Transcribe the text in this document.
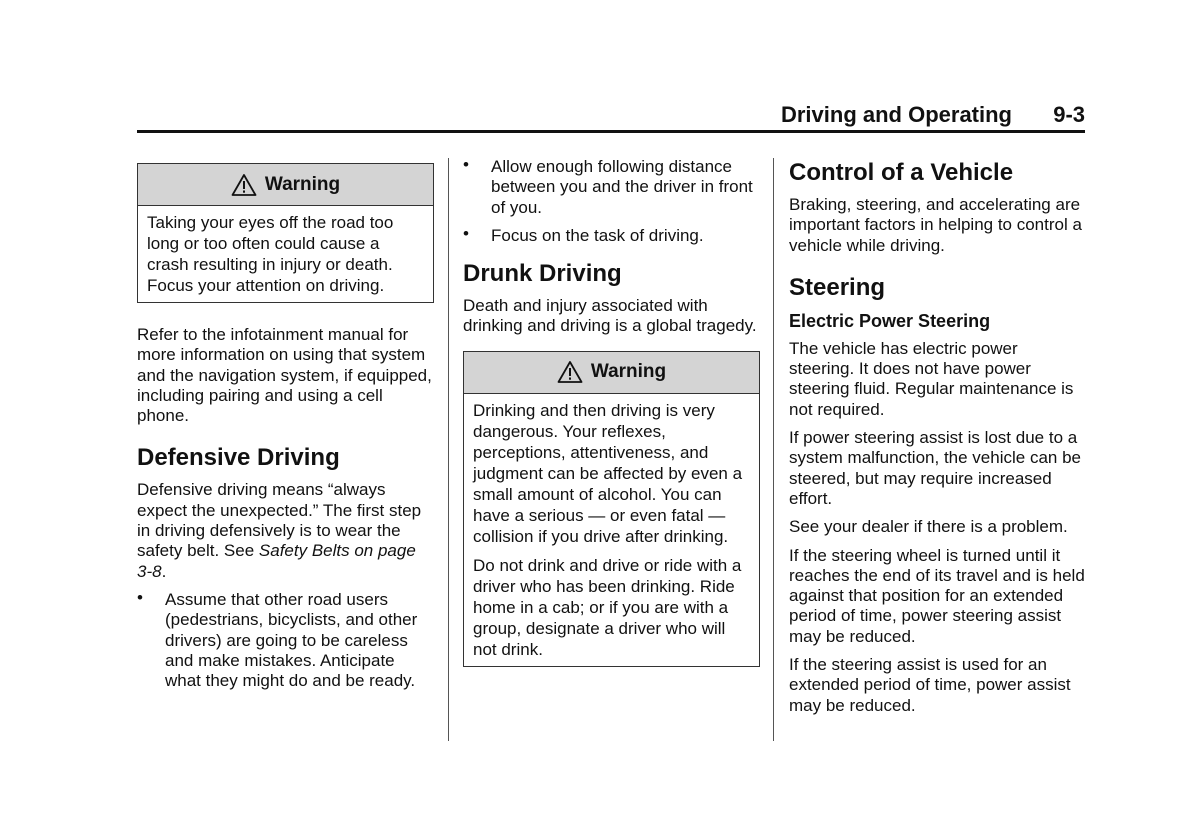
Driving and Operating 9-3
Warning

Taking your eyes off the road too long or too often could cause a crash resulting in injury or death. Focus your attention on driving.

Refer to the infotainment manual for more information on using that system and the navigation system, if equipped, including pairing and using a cell phone.

Defensive Driving

Defensive driving means “always expect the unexpected.” The first step in driving defensively is to wear the safety belt. See Safety Belts on page 3-8.

• Assume that other road users (pedestrians, bicyclists, and other drivers) are going to be careless and make mistakes. Anticipate what they might do and be ready.
• Allow enough following distance between you and the driver in front of you.
• Focus on the task of driving.
Drunk Driving

Death and injury associated with drinking and driving is a global tragedy.

Warning

Drinking and then driving is very dangerous. Your reflexes, perceptions, attentiveness, and judgment can be affected by even a small amount of alcohol. You can have a serious — or even fatal — collision if you drive after drinking.

Do not drink and drive or ride with a driver who has been drinking. Ride home in a cab; or if you are with a group, designate a driver who will not drink.

Control of a Vehicle

Braking, steering, and accelerating are important factors in helping to control a vehicle while driving.

Steering
Electric Power Steering

The vehicle has electric power steering. It does not have power steering fluid. Regular maintenance is not required.

If power steering assist is lost due to a system malfunction, the vehicle can be steered, but may require increased effort.

See your dealer if there is a problem.

If the steering wheel is turned until it reaches the end of its travel and is held against that position for an extended period of time, power steering assist may be reduced.

If the steering assist is used for an extended period of time, power assist may be reduced.
